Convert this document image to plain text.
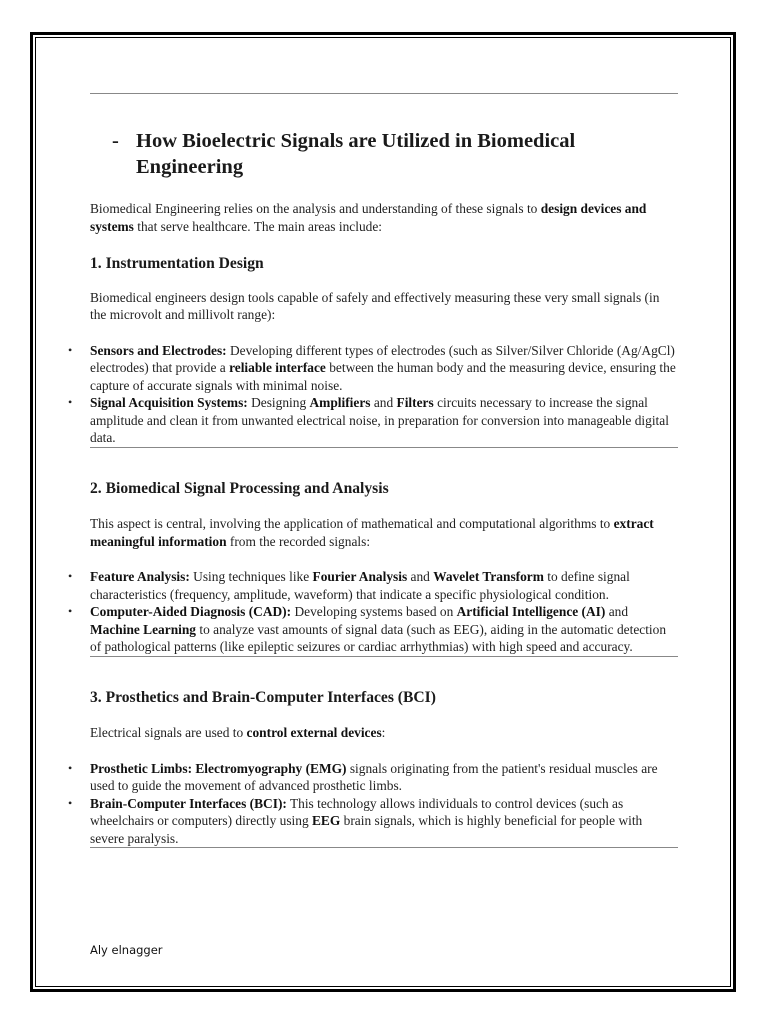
- How Bioelectric Signals are Utilized in Biomedical Engineering

Biomedical Engineering relies on the analysis and understanding of these signals to design devices and systems that serve healthcare. The main areas include:

1. Instrumentation Design

Biomedical engineers design tools capable of safely and effectively measuring these very small signals (in the microvolt and millivolt range):

• Sensors and Electrodes: Developing different types of electrodes (such as Silver/Silver Chloride (Ag/AgCl) electrodes) that provide a reliable interface between the human body and the measuring device, ensuring the capture of accurate signals with minimal noise.
• Signal Acquisition Systems: Designing Amplifiers and Filters circuits necessary to increase the signal amplitude and clean it from unwanted electrical noise, in preparation for conversion into manageable digital data.
2. Biomedical Signal Processing and Analysis

This aspect is central, involving the application of mathematical and computational algorithms to extract meaningful information from the recorded signals:

• Feature Analysis: Using techniques like Fourier Analysis and Wavelet Transform to define signal characteristics (frequency, amplitude, waveform) that indicate a specific physiological condition.
• Computer-Aided Diagnosis (CAD): Developing systems based on Artificial Intelligence (AI) and Machine Learning to analyze vast amounts of signal data (such as EEG), aiding in the automatic detection of pathological patterns (like epileptic seizures or cardiac arrhythmias) with high speed and accuracy.
3. Prosthetics and Brain-Computer Interfaces (BCI)

Electrical signals are used to control external devices:

• Prosthetic Limbs: Electromyography (EMG) signals originating from the patient's residual muscles are used to guide the movement of advanced prosthetic limbs.
• Brain-Computer Interfaces (BCI): This technology allows individuals to control devices (such as wheelchairs or computers) directly using EEG brain signals, which is highly beneficial for people with severe paralysis.
Aly elnagger
